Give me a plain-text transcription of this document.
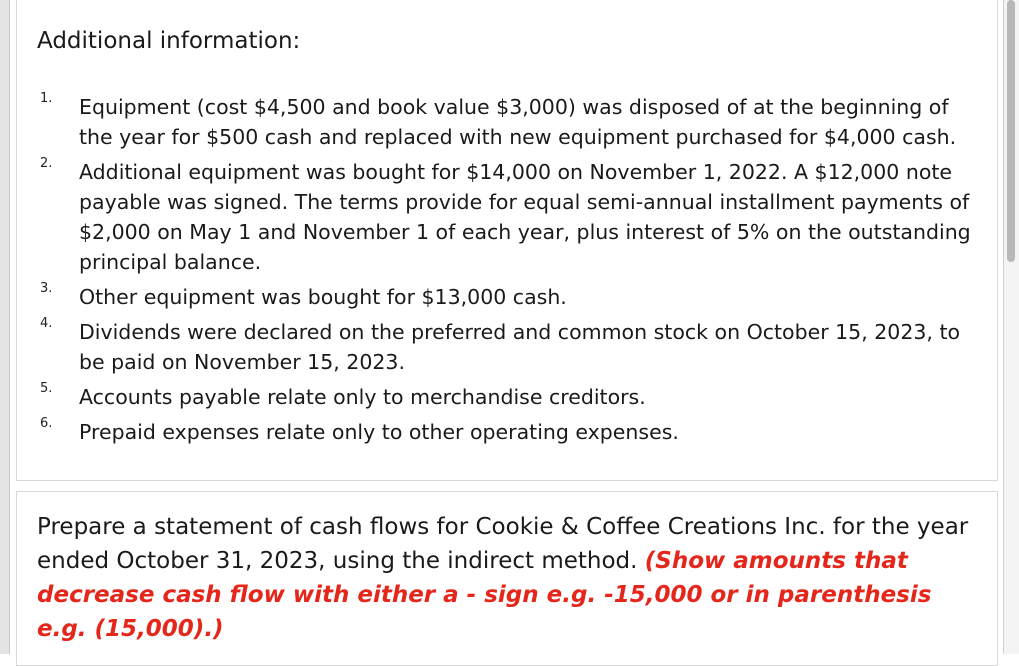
Additional information:
1. Equipment (cost $4,500 and book value $3,000) was disposed of at the beginning of the year for $500 cash and replaced with new equipment purchased for $4,000 cash.
2. Additional equipment was bought for $14,000 on November 1, 2022. A $12,000 note payable was signed. The terms provide for equal semi-annual installment payments of $2,000 on May 1 and November 1 of each year, plus interest of 5% on the outstanding principal balance.
3. Other equipment was bought for $13,000 cash.
4. Dividends were declared on the preferred and common stock on October 15, 2023, to be paid on November 15, 2023.
5. Accounts payable relate only to merchandise creditors.
6. Prepaid expenses relate only to other operating expenses.

Prepare a statement of cash flows for Cookie & Coffee Creations Inc. for the year ended October 31, 2023, using the indirect method. (Show amounts that decrease cash flow with either a - sign e.g. -15,000 or in parenthesis e.g. (15,000).)
